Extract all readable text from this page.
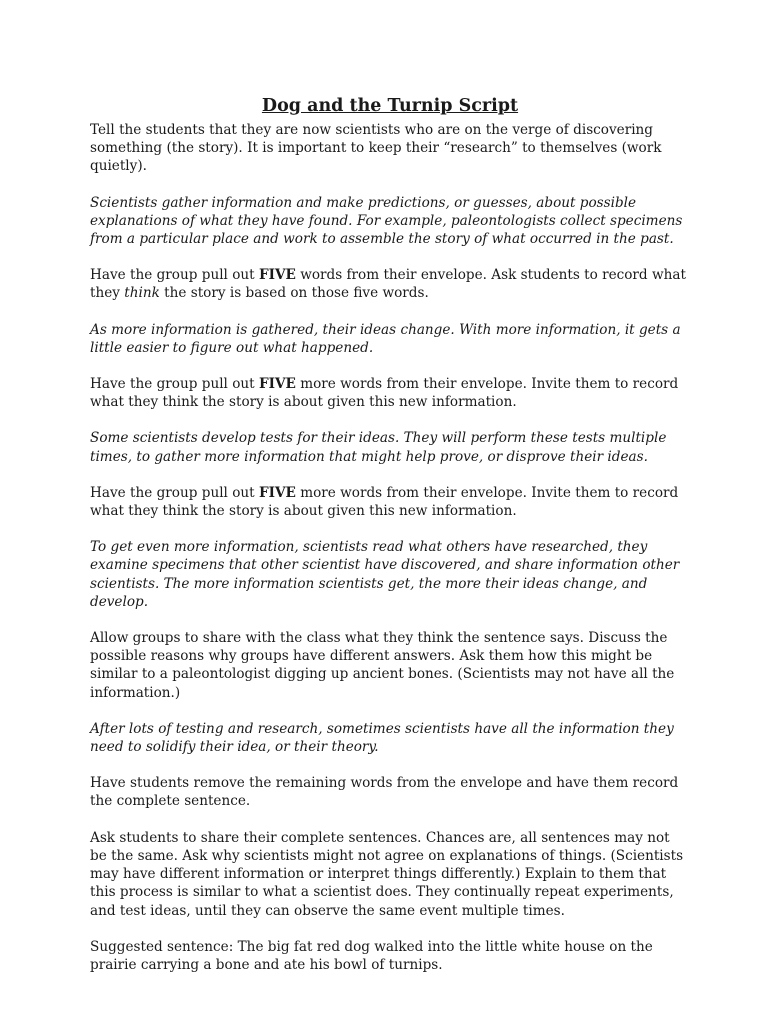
Dog and the Turnip Script

Tell the students that they are now scientists who are on the verge of discovering something (the story). It is important to keep their “research” to themselves (work quietly).

Scientists gather information and make predictions, or guesses, about possible explanations of what they have found. For example, paleontologists collect specimens from a particular place and work to assemble the story of what occurred in the past.

Have the group pull out FIVE words from their envelope. Ask students to record what they think the story is based on those five words.

As more information is gathered, their ideas change. With more information, it gets a little easier to figure out what happened.

Have the group pull out FIVE more words from their envelope. Invite them to record what they think the story is about given this new information.

Some scientists develop tests for their ideas. They will perform these tests multiple times, to gather more information that might help prove, or disprove their ideas.

Have the group pull out FIVE more words from their envelope. Invite them to record what they think the story is about given this new information.

To get even more information, scientists read what others have researched, they examine specimens that other scientist have discovered, and share information other scientists. The more information scientists get, the more their ideas change, and develop.

Allow groups to share with the class what they think the sentence says. Discuss the possible reasons why groups have different answers. Ask them how this might be similar to a paleontologist digging up ancient bones. (Scientists may not have all the information.)

After lots of testing and research, sometimes scientists have all the information they need to solidify their idea, or their theory.

Have students remove the remaining words from the envelope and have them record the complete sentence.

Ask students to share their complete sentences. Chances are, all sentences may not be the same. Ask why scientists might not agree on explanations of things. (Scientists may have different information or interpret things differently.) Explain to them that this process is similar to what a scientist does. They continually repeat experiments, and test ideas, until they can observe the same event multiple times.

Suggested sentence: The big fat red dog walked into the little white house on the prairie carrying a bone and ate his bowl of turnips.
